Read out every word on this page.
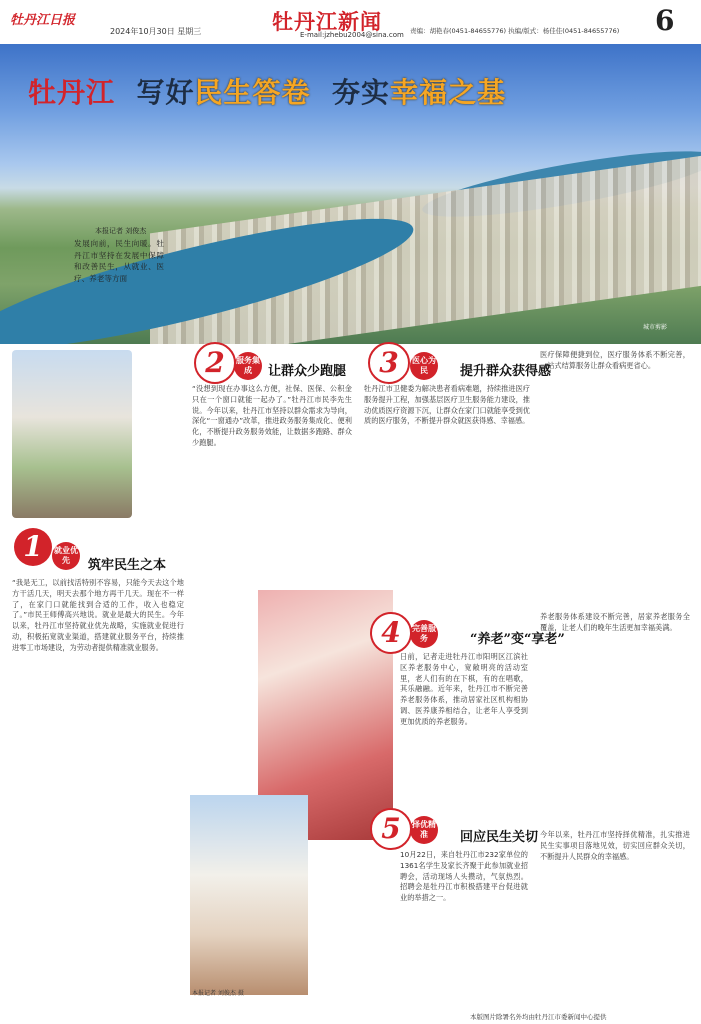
牡丹江日报
2024年10月30日 星期三	牡丹江新闻
E-mail:jzhebu2004@sina.com 责编：胡艳春(0451-84655776) 执编/版式：杨佳佳(0451-84655776) 6
牡丹江 写好民生答卷 夯实幸福之基
本报记者 刘俊杰
发展向前，民生向暖。牡丹江市坚持在发展中保障和改善民生，从就业、医疗、养老等方面
城市剪影
本报记者 刘俊杰 摄
1	就业优先	筑牢民生之本
“我是无工，以前找活特别不容易，只能今天去这个地方干活几天，明天去那个地方再干几天。现在不一样了，在家门口就能找到合适的工作，收入也稳定了。”市民王师傅高兴地说。就业是最大的民生。今年以来，牡丹江市坚持就业优先战略，实施就业促进行动，积极拓宽就业渠道，搭建就业服务平台，持续推进零工市场建设，为劳动者提供精准就业服务。
2	服务集成	让群众少跑腿
“没想到现在办事这么方便，社保、医保、公积金只在一个窗口就能一起办了。”牡丹江市民李先生说。今年以来，牡丹江市坚持以群众需求为导向，深化“一窗通办”改革，推进政务服务集成化、便利化，不断提升政务服务效能，让数据多跑路、群众少跑腿。
3	医心为民	提升群众获得感
牡丹江市卫健委为解决患者看病难题，持续推进医疗服务提升工程，加强基层医疗卫生服务能力建设，推动优质医疗资源下沉，让群众在家门口就能享受到优质的医疗服务，不断提升群众就医获得感、幸福感。
医疗保障便捷到位，医疗服务体系不断完善，一站式结算服务让群众看病更省心。
4	完善服务	“养老”变“享老”
日前，记者走进牡丹江市阳明区江滨社区养老服务中心，宽敞明亮的活动室里，老人们有的在下棋，有的在唱歌，其乐融融。近年来，牡丹江市不断完善养老服务体系，推动居家社区机构相协调、医养康养相结合，让老年人享受到更加优质的养老服务。
养老服务体系建设不断完善，居家养老服务全覆盖，让老人们的晚年生活更加幸福美满。
5	择优精准	回应民生关切
10月22日，来自牡丹江市232家单位的1361名学生及家长齐聚于此参加就业招聘会，活动现场人头攒动，气氛热烈。招聘会是牡丹江市积极搭建平台促进就业的举措之一。
今年以来，牡丹江市坚持择优精准，扎实推进民生实事项目落地见效，切实回应群众关切，不断提升人民群众的幸福感。
本版图片除署名外均由牡丹江市委新闻中心提供
